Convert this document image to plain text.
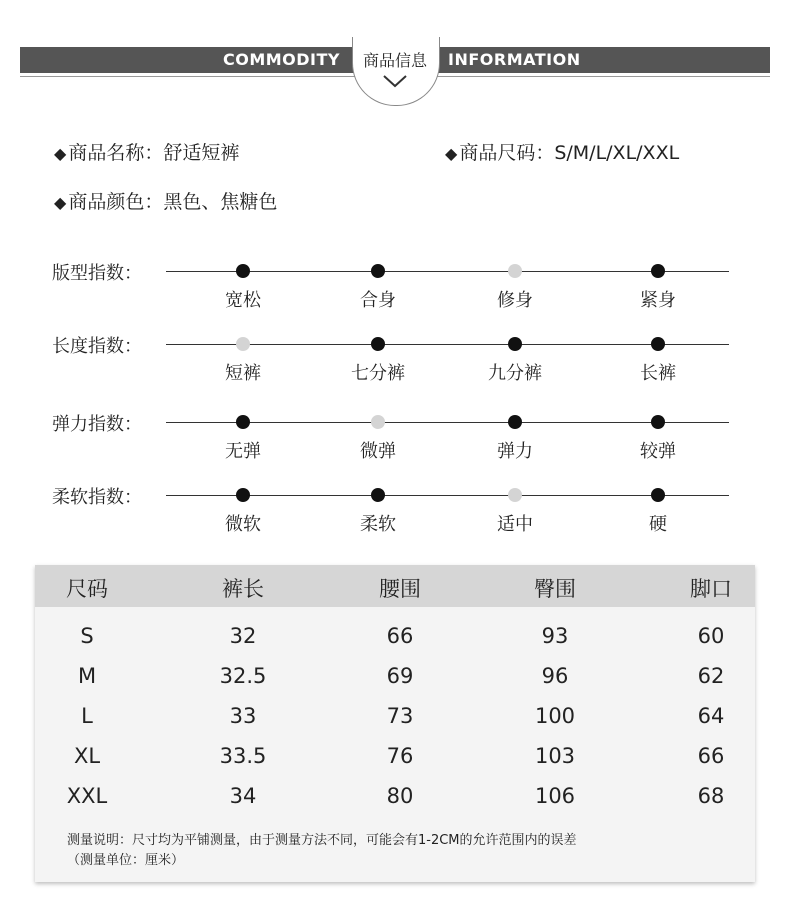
COMMODITY	INFORMATION
商品信息
◆ 商品名称：舒适短裤	◆ 商品尺码：S/M/L/XL/XXL
◆ 商品颜色：黑色、焦糖色
版型指数：
宽松	合身	修身	紧身
长度指数：
短裤	七分裤	九分裤	长裤
弹力指数：
无弹	微弹	弹力	较弹
柔软指数：
微软	柔软	适中	硬
尺码	裤长	腰围	臀围	脚口
S	32	66	93	60
M	32.5	69	96	62
L	33	73	100	64
XL	33.5	76	103	66
XXL	34	80	106	68
测量说明：尺寸均为平铺测量，由于测量方法不同，可能会有1-2CM的允许范围内的误差
（测量单位：厘米）
